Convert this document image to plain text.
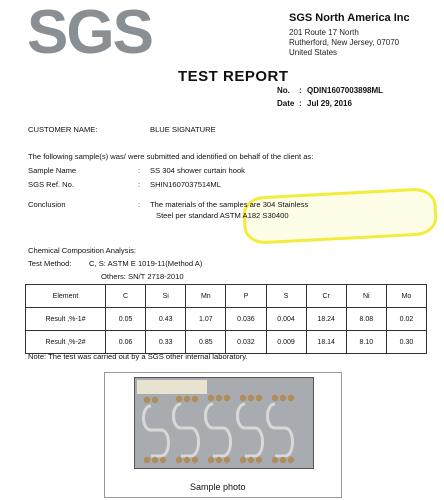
SGS	SGS North America Inc
201 Route 17 North
Rutherford, New Jersey, 07070
United States
TEST REPORT
No. : QDIN1607003898ML
Date : Jul 29, 2016
CUSTOMER NAME:	BLUE SIGNATURE
The following sample(s) was/ were submitted and identified on behalf of the client as:
Sample Name	: SS 304 shower curtain hook
SGS Ref. No.	: SHIN1607037514ML
Conclusion	: The materials of the samples are 304 Stainless
Steel per standard ASTM A182 S30400
Chemical Composition Analysis:
Test Method: C, S: ASTM E 1019-11(Method A)
Others: SN/T 2718-2010
Element	C	Si	Mn	P	S	Cr	Ni	Mo
Result ,%-1#	0.05	0.43	1.07	0.036	0.004	18.24	8.08	0.02
Result ,%-2#	0.06	0.33	0.85	0.032	0.009	18.14	8.10	0.30
Note: The test was carried out by a SGS other internal laboratory.
Sample photo
